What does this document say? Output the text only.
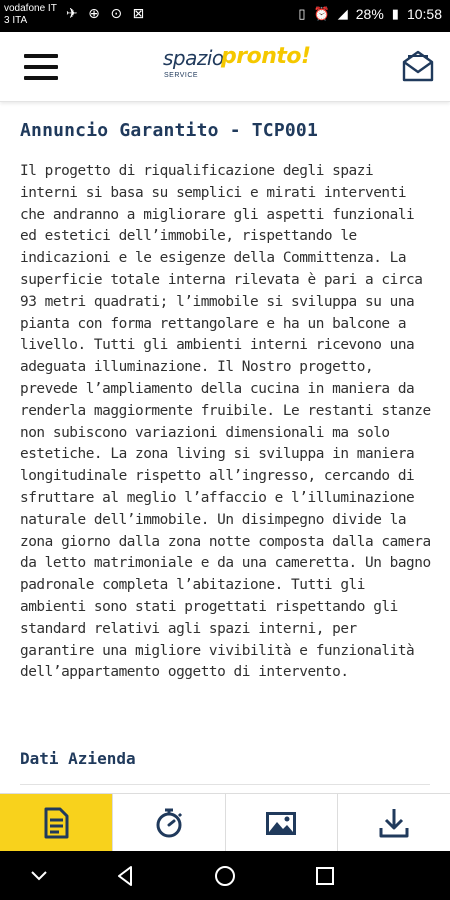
vodafone IT
3 ITA	✈ ⊕ ⊙ ⊠	▯ ⏰ ◢ 28% ▮ 10:58
spazio
pronto!
SERVICE
Annuncio Garantito - TCP001
Il progetto di riqualificazione degli spazi interni si basa su semplici e mirati interventi che andranno a migliorare gli aspetti funzionali ed estetici dell’immobile, rispettando le indicazioni e le esigenze della Committenza. La superficie totale interna rilevata è pari a circa 93 metri quadrati; l’immobile si sviluppa su una pianta con forma rettangolare e ha un balcone a livello. Tutti gli ambienti interni ricevono una adeguata illuminazione. Il Nostro progetto, prevede l’ampliamento della cucina in maniera da renderla maggiormente fruibile. Le restanti stanze non subiscono variazioni dimensionali ma solo estetiche. La zona living si sviluppa in maniera longitudinale rispetto all’ingresso, cercando di sfruttare al meglio l’affaccio e l’illuminazione naturale dell’immobile. Un disimpegno divide la zona giorno dalla zona notte composta dalla camera da letto matrimoniale e da una cameretta. Un bagno padronale completa l’abitazione. Tutti gli ambienti sono stati progettati rispettando gli standard relativi agli spazi interni, per garantire una migliore vivibilità e funzionalità dell’appartamento oggetto di intervento.
Dati Azienda
